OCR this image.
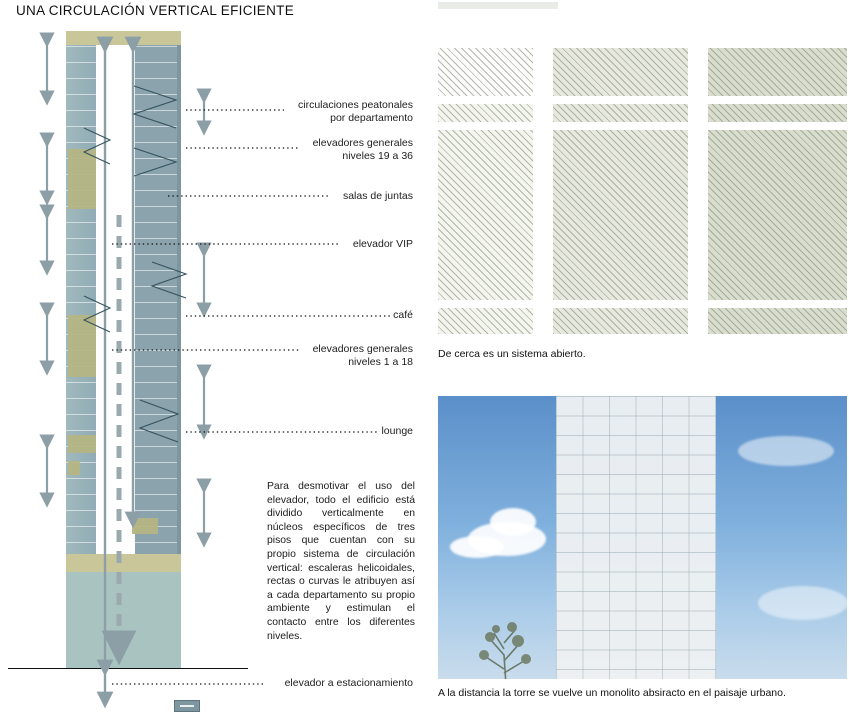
UNA CIRCULACIÓN VERTICAL EFICIENTE
circulaciones peatonales
por departamento
elevadores generales
niveles 19 a 36
salas de juntas
elevador VIP
café
elevadores generales
niveles 1 a 18
lounge
elevador a estacionamiento
Para desmotivar el uso del elevador, todo el edificio está dividido verticalmente en núcleos específicos de tres pisos que cuentan con su propio sistema de circulación vertical: escaleras helicoidales, rectas o curvas le atribuyen así a cada departamento su propio ambiente y estimulan el contacto entre los diferentes niveles.
De cerca es un sistema abierto.
A la distancia la torre se vuelve un monolito absiracto en el paisaje urbano.
